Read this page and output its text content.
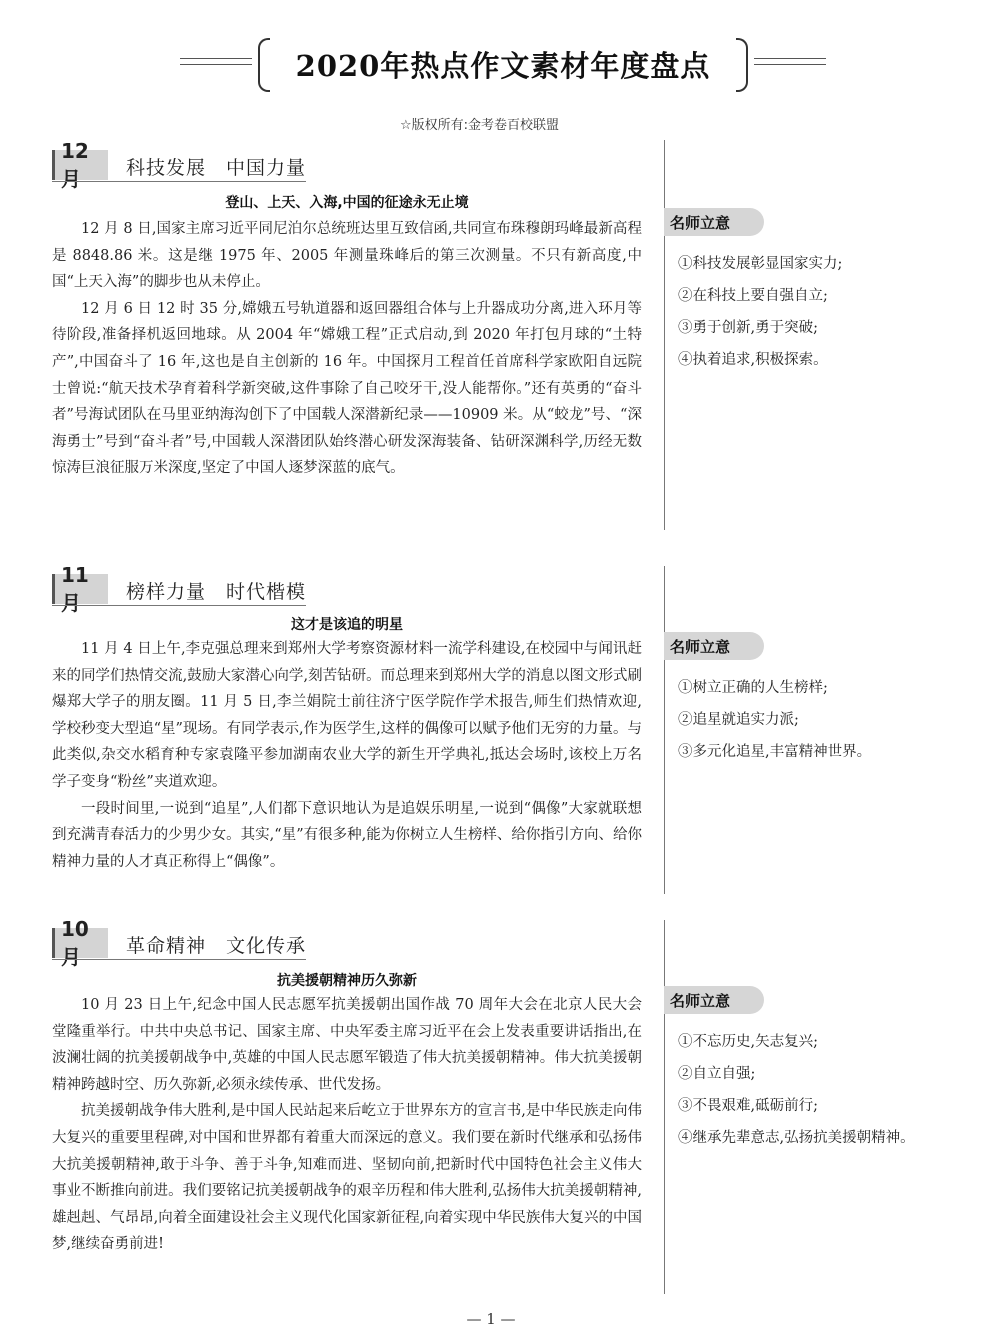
2020年热点作文素材年度盘点
☆版权所有:金考卷百校联盟
12月	科技发展　中国力量
登山、上天、入海,中国的征途永无止境

12 月 8 日,国家主席习近平同尼泊尔总统班达里互致信函,共同宣布珠穆朗玛峰最新高程是 8848.86 米。这是继 1975 年、2005 年测量珠峰后的第三次测量。不只有新高度,中国“上天入海”的脚步也从未停止。

12 月 6 日 12 时 35 分,嫦娥五号轨道器和返回器组合体与上升器成功分离,进入环月等待阶段,准备择机返回地球。从 2004 年“嫦娥工程”正式启动,到 2020 年打包月球的“土特产”,中国奋斗了 16 年,这也是自主创新的 16 年。中国探月工程首任首席科学家欧阳自远院士曾说:“航天技术孕育着科学新突破,这件事除了自己咬牙干,没人能帮你。”还有英勇的“奋斗者”号海试团队在马里亚纳海沟创下了中国载人深潜新纪录——10909 米。从“蛟龙”号、“深海勇士”号到“奋斗者”号,中国载人深潜团队始终潜心研发深海装备、钻研深渊科学,历经无数惊涛巨浪征服万米深度,坚定了中国人逐梦深蓝的底气。

名师立意
①科技发展彰显国家实力;
②在科技上要自强自立;
③勇于创新,勇于突破;
④执着追求,积极探索。
11月	榜样力量　时代楷模
这才是该追的明星

11 月 4 日上午,李克强总理来到郑州大学考察资源材料一流学科建设,在校园中与闻讯赶来的同学们热情交流,鼓励大家潜心向学,刻苦钻研。而总理来到郑州大学的消息以图文形式刷爆郑大学子的朋友圈。11 月 5 日,李兰娟院士前往济宁医学院作学术报告,师生们热情欢迎,学校秒变大型追“星”现场。有同学表示,作为医学生,这样的偶像可以赋予他们无穷的力量。与此类似,杂交水稻育种专家袁隆平参加湖南农业大学的新生开学典礼,抵达会场时,该校上万名学子变身“粉丝”夹道欢迎。

一段时间里,一说到“追星”,人们都下意识地认为是追娱乐明星,一说到“偶像”大家就联想到充满青春活力的少男少女。其实,“星”有很多种,能为你树立人生榜样、给你指引方向、给你精神力量的人才真正称得上“偶像”。

名师立意
①树立正确的人生榜样;
②追星就追实力派;
③多元化追星,丰富精神世界。
10月	革命精神　文化传承
抗美援朝精神历久弥新

10 月 23 日上午,纪念中国人民志愿军抗美援朝出国作战 70 周年大会在北京人民大会堂隆重举行。中共中央总书记、国家主席、中央军委主席习近平在会上发表重要讲话指出,在波澜壮阔的抗美援朝战争中,英雄的中国人民志愿军锻造了伟大抗美援朝精神。伟大抗美援朝精神跨越时空、历久弥新,必须永续传承、世代发扬。

抗美援朝战争伟大胜利,是中国人民站起来后屹立于世界东方的宣言书,是中华民族走向伟大复兴的重要里程碑,对中国和世界都有着重大而深远的意义。我们要在新时代继承和弘扬伟大抗美援朝精神,敢于斗争、善于斗争,知难而进、坚韧向前,把新时代中国特色社会主义伟大事业不断推向前进。我们要铭记抗美援朝战争的艰辛历程和伟大胜利,弘扬伟大抗美援朝精神,雄赳赳、气昂昂,向着全面建设社会主义现代化国家新征程,向着实现中华民族伟大复兴的中国梦,继续奋勇前进!

名师立意
①不忘历史,矢志复兴;
②自立自强;
③不畏艰难,砥砺前行;
④继承先辈意志,弘扬抗美援朝精神。
— 1 —
